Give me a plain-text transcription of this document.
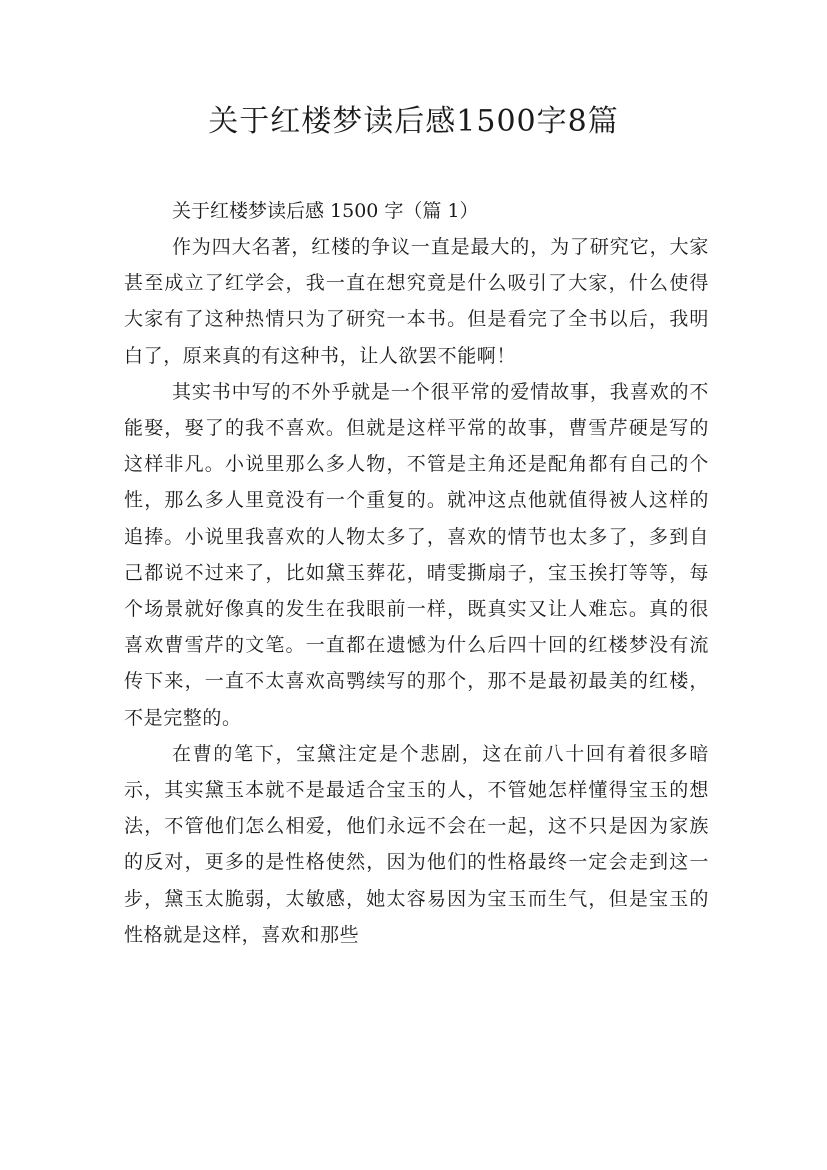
关于红楼梦读后感1500字8篇

关于红楼梦读后感 1500 字（篇 1）

作为四大名著，红楼的争议一直是最大的，为了研究它，大家甚至成立了红学会，我一直在想究竟是什么吸引了大家，什么使得大家有了这种热情只为了研究一本书。但是看完了全书以后，我明白了，原来真的有这种书，让人欲罢不能啊！

其实书中写的不外乎就是一个很平常的爱情故事，我喜欢的不能娶，娶了的我不喜欢。但就是这样平常的故事，曹雪芹硬是写的这样非凡。小说里那么多人物，不管是主角还是配角都有自己的个性，那么多人里竟没有一个重复的。就冲这点他就值得被人这样的追捧。小说里我喜欢的人物太多了，喜欢的情节也太多了，多到自己都说不过来了，比如黛玉葬花，晴雯撕扇子，宝玉挨打等等，每个场景就好像真的发生在我眼前一样，既真实又让人难忘。真的很喜欢曹雪芹的文笔。一直都在遗憾为什么后四十回的红楼梦没有流传下来，一直不太喜欢高鹗续写的那个，那不是最初最美的红楼，不是完整的。

在曹的笔下，宝黛注定是个悲剧，这在前八十回有着很多暗示，其实黛玉本就不是最适合宝玉的人，不管她怎样懂得宝玉的想法，不管他们怎么相爱，他们永远不会在一起，这不只是因为家族的反对，更多的是性格使然，因为他们的性格最终一定会走到这一步，黛玉太脆弱，太敏感，她太容易因为宝玉而生气，但是宝玉的性格就是这样，喜欢和那些
